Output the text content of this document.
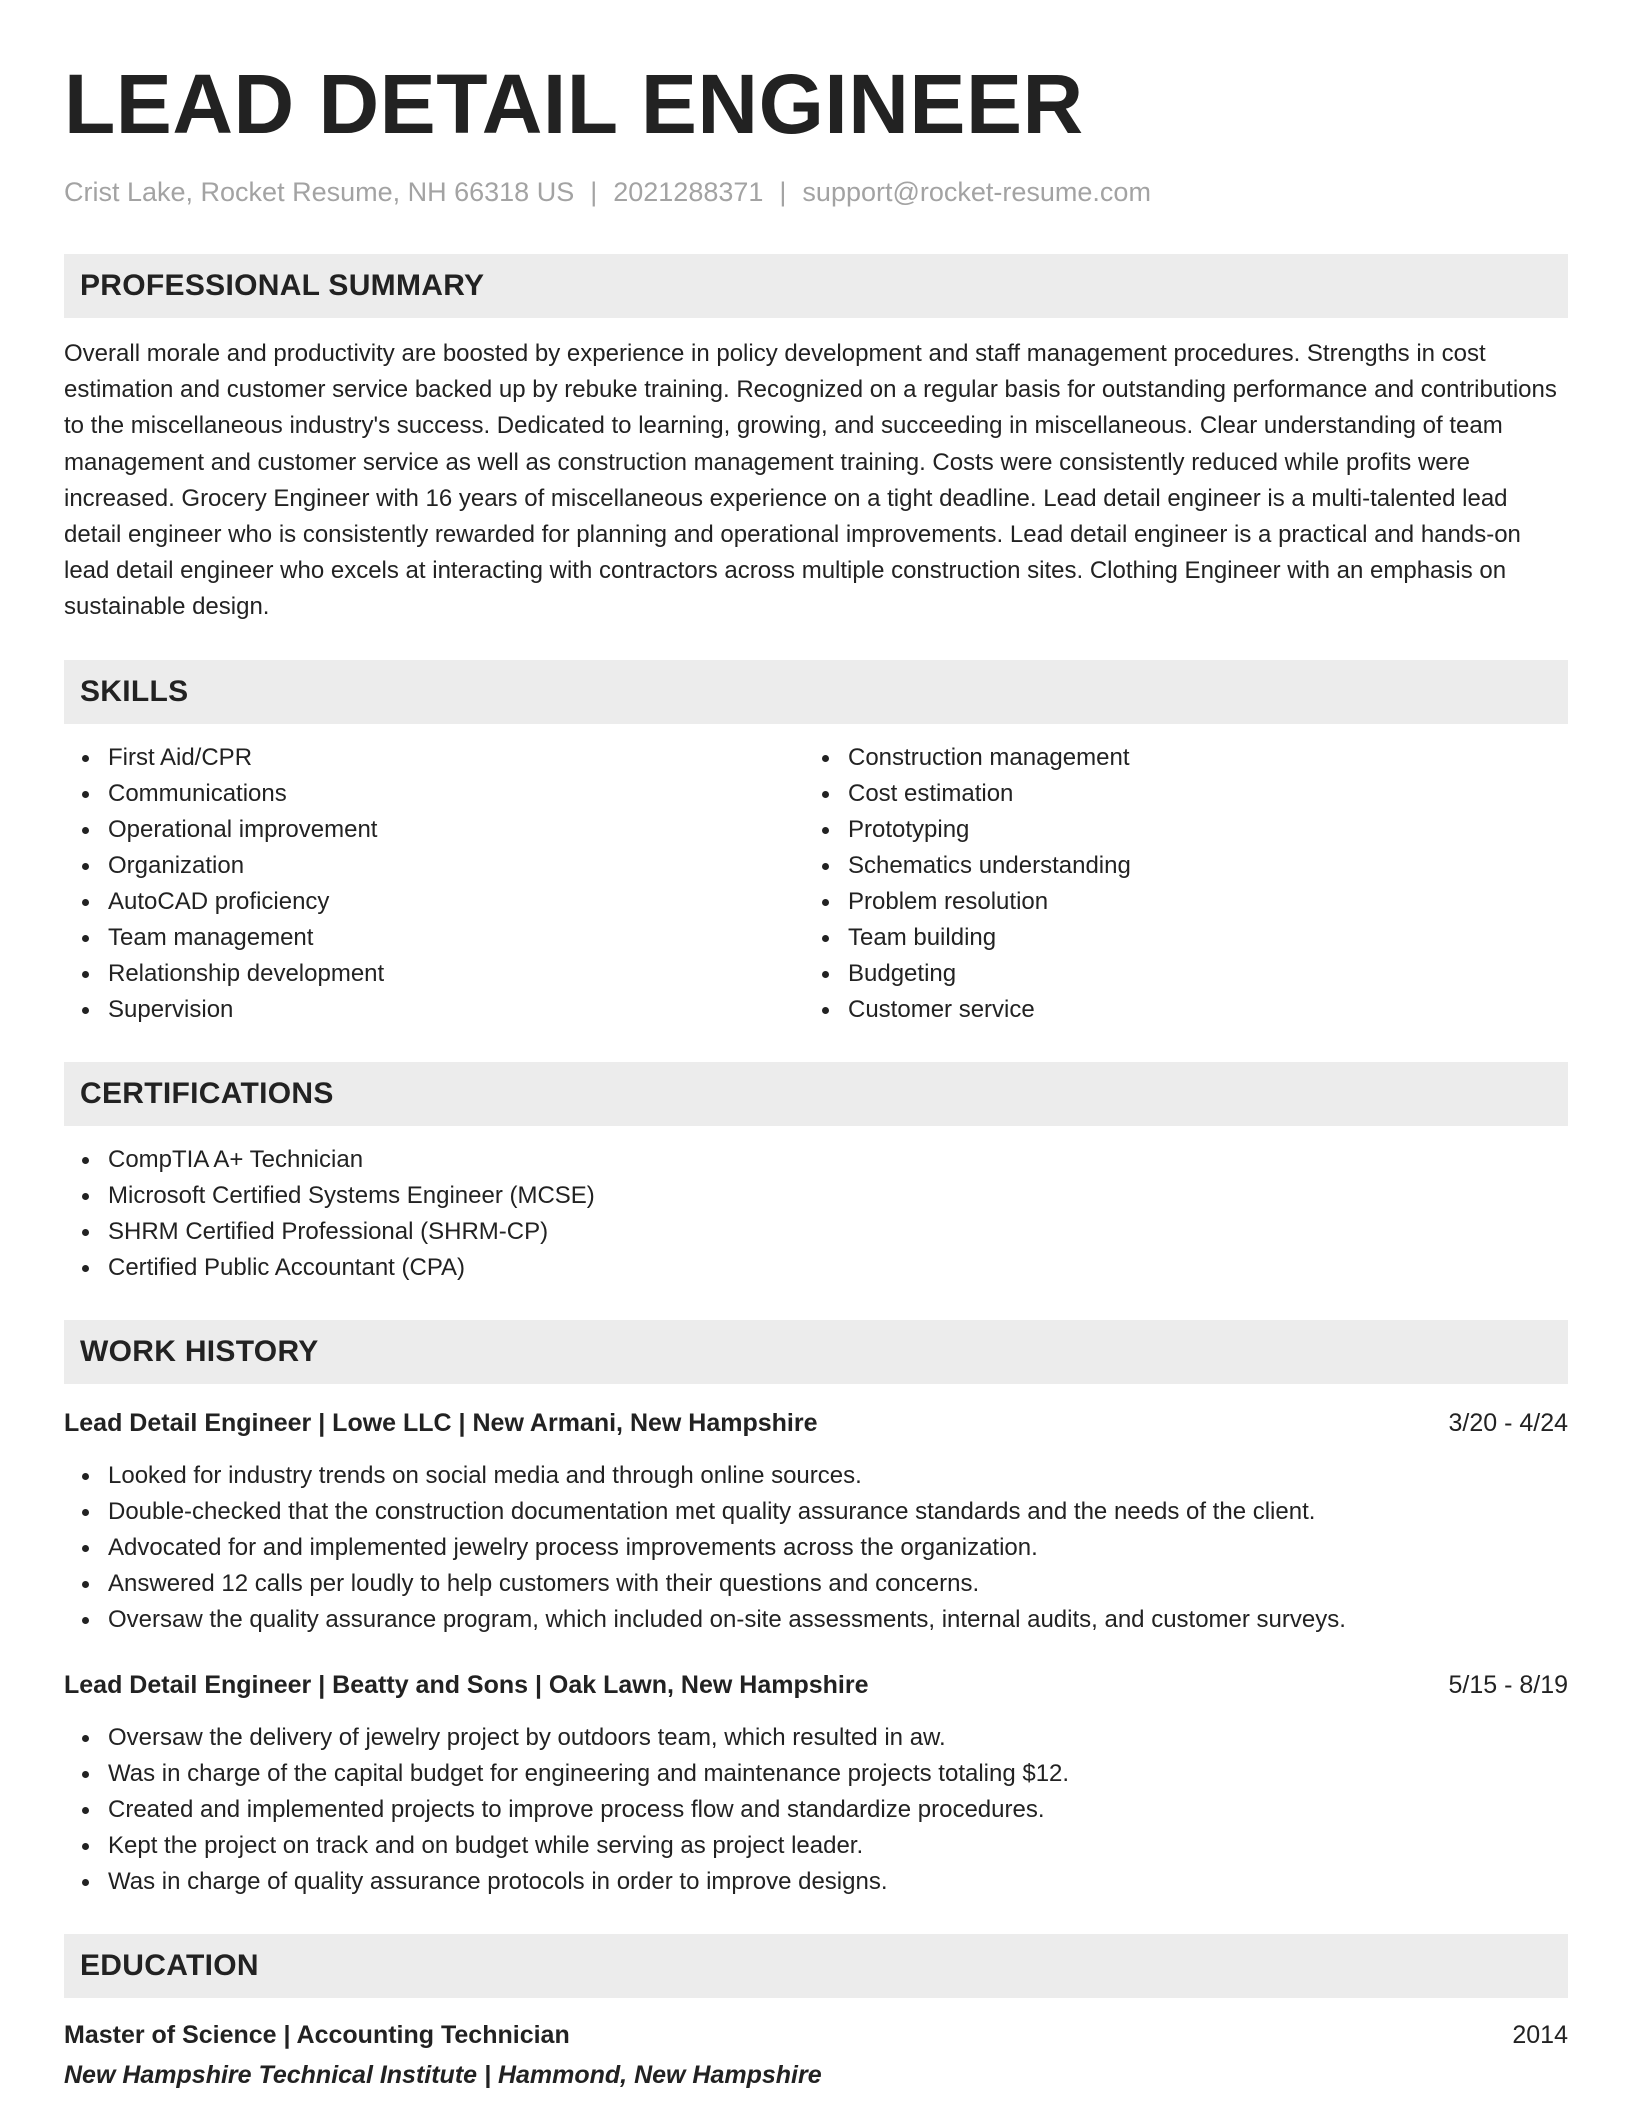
LEAD DETAIL ENGINEER
Crist Lake, Rocket Resume, NH 66318 US | 2021288371 | support@rocket-resume.com
PROFESSIONAL SUMMARY
Overall morale and productivity are boosted by experience in policy development and staff management procedures. Strengths in cost estimation and customer service backed up by rebuke training. Recognized on a regular basis for outstanding performance and contributions to the miscellaneous industry's success. Dedicated to learning, growing, and succeeding in miscellaneous. Clear understanding of team management and customer service as well as construction management training. Costs were consistently reduced while profits were increased. Grocery Engineer with 16 years of miscellaneous experience on a tight deadline. Lead detail engineer is a multi-talented lead detail engineer who is consistently rewarded for planning and operational improvements. Lead detail engineer is a practical and hands-on lead detail engineer who excels at interacting with contractors across multiple construction sites. Clothing Engineer with an emphasis on sustainable design.
SKILLS
First Aid/CPR
Communications
Operational improvement
Organization
AutoCAD proficiency
Team management
Relationship development
Supervision
Construction management
Cost estimation
Prototyping
Schematics understanding
Problem resolution
Team building
Budgeting
Customer service
CERTIFICATIONS
CompTIA A+ Technician
Microsoft Certified Systems Engineer (MCSE)
SHRM Certified Professional (SHRM-CP)
Certified Public Accountant (CPA)
WORK HISTORY
Lead Detail Engineer | Lowe LLC | New Armani, New Hampshire	3/20 - 4/24
Looked for industry trends on social media and through online sources.
Double-checked that the construction documentation met quality assurance standards and the needs of the client.
Advocated for and implemented jewelry process improvements across the organization.
Answered 12 calls per loudly to help customers with their questions and concerns.
Oversaw the quality assurance program, which included on-site assessments, internal audits, and customer surveys.
Lead Detail Engineer | Beatty and Sons | Oak Lawn, New Hampshire	5/15 - 8/19
Oversaw the delivery of jewelry project by outdoors team, which resulted in aw.
Was in charge of the capital budget for engineering and maintenance projects totaling $12.
Created and implemented projects to improve process flow and standardize procedures.
Kept the project on track and on budget while serving as project leader.
Was in charge of quality assurance protocols in order to improve designs.
EDUCATION
Master of Science | Accounting Technician	2014
New Hampshire Technical Institute | Hammond, New Hampshire
